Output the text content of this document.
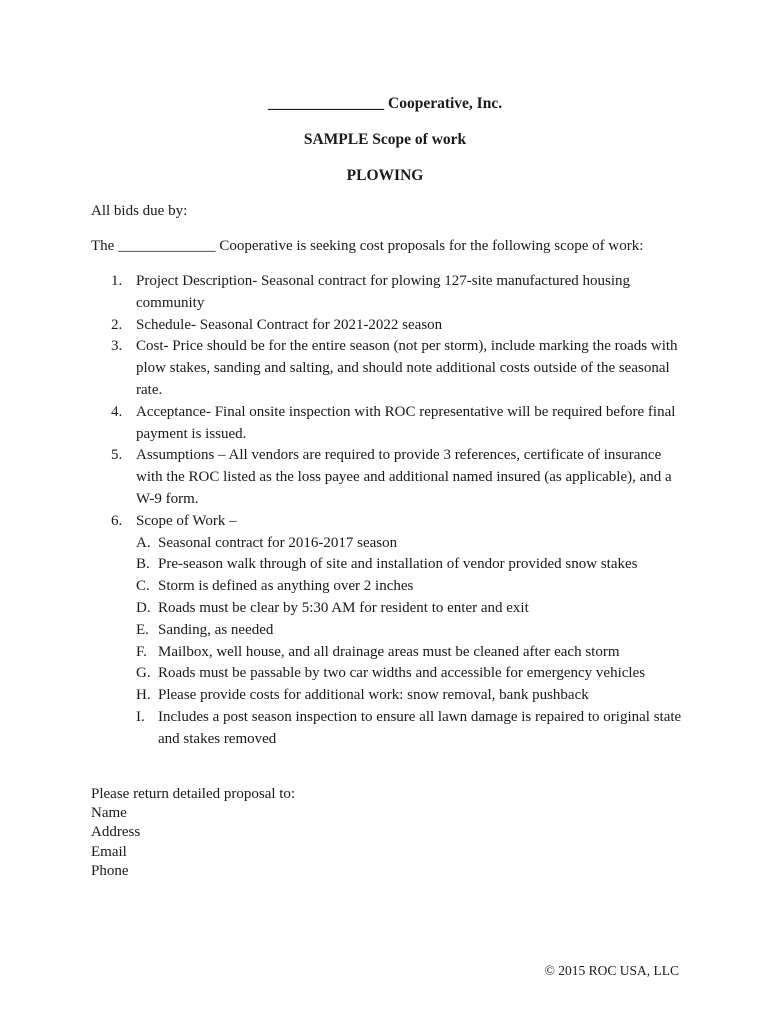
_______________ Cooperative, Inc.
SAMPLE Scope of work
PLOWING
All bids due by:
The _____________ Cooperative is seeking cost proposals for the following scope of work:
1. Project Description- Seasonal contract for plowing 127-site manufactured housing community
2. Schedule- Seasonal Contract for 2021-2022 season
3. Cost- Price should be for the entire season (not per storm), include marking the roads with plow stakes, sanding and salting, and should note additional costs outside of the seasonal rate.
4. Acceptance- Final onsite inspection with ROC representative will be required before final payment is issued.
5. Assumptions – All vendors are required to provide 3 references, certificate of insurance with the ROC listed as the loss payee and additional named insured (as applicable), and a W-9 form.
6. Scope of Work –
A. Seasonal contract for 2016-2017 season
B. Pre-season walk through of site and installation of vendor provided snow stakes
C. Storm is defined as anything over 2 inches
D. Roads must be clear by 5:30 AM for resident to enter and exit
E. Sanding, as needed
F. Mailbox, well house, and all drainage areas must be cleaned after each storm
G. Roads must be passable by two car widths and accessible for emergency vehicles
H. Please provide costs for additional work: snow removal, bank pushback
I. Includes a post season inspection to ensure all lawn damage is repaired to original state and stakes removed
Please return detailed proposal to:
Name
Address
Email
Phone
© 2015 ROC USA, LLC
